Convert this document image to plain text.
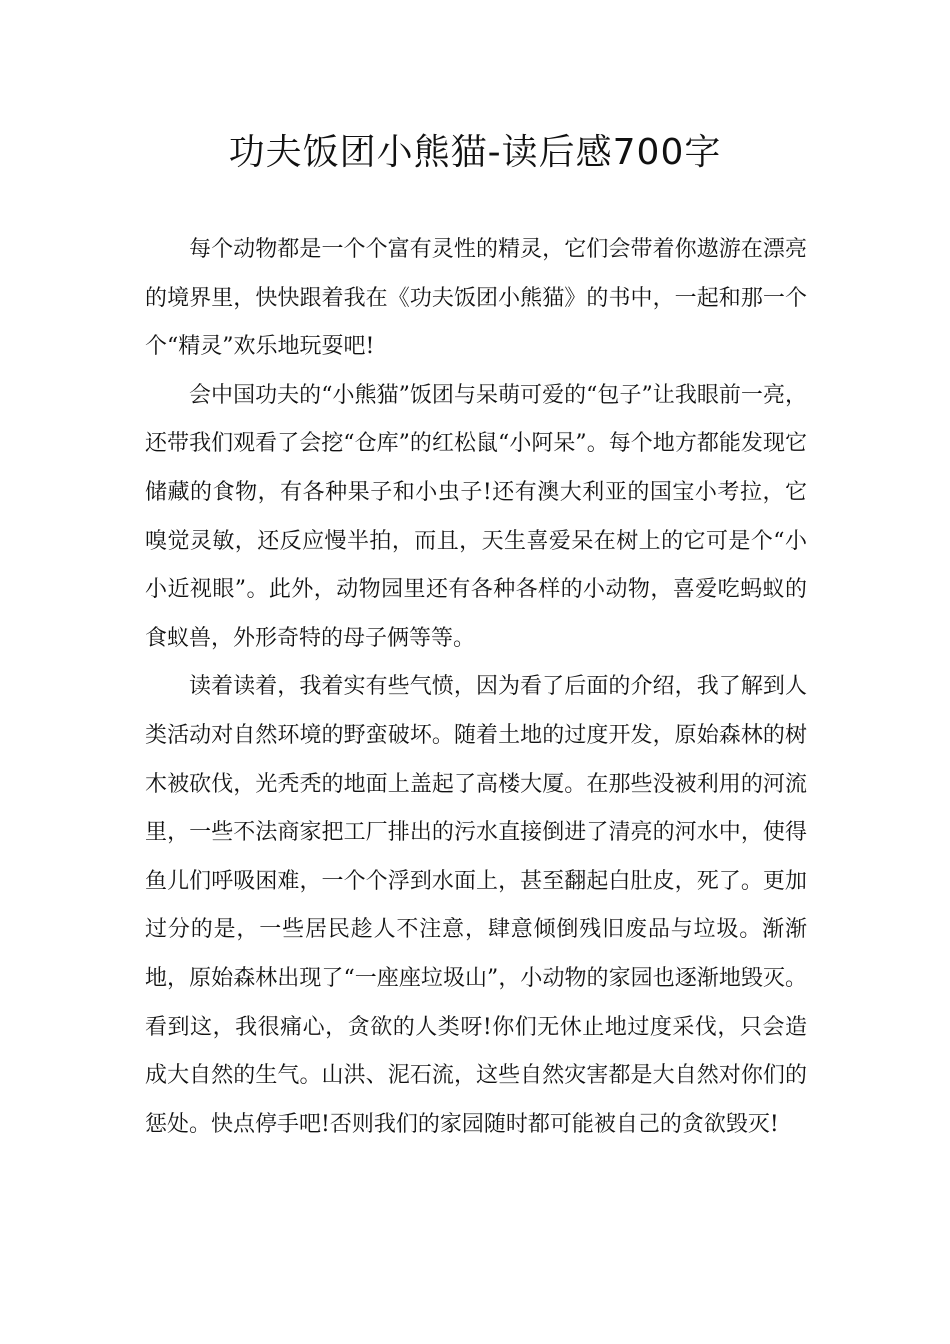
功夫饭团小熊猫-读后感700字

每个动物都是一个个富有灵性的精灵，它们会带着你遨游在漂亮的境界里，快快跟着我在《功夫饭团小熊猫》的书中，一起和那一个个“精灵”欢乐地玩耍吧!

会中国功夫的“小熊猫”饭团与呆萌可爱的“包子”让我眼前一亮，还带我们观看了会挖“仓库”的红松鼠“小阿呆”。每个地方都能发现它储藏的食物，有各种果子和小虫子!还有澳大利亚的国宝小考拉，它嗅觉灵敏，还反应慢半拍，而且，天生喜爱呆在树上的它可是个“小小近视眼”。此外，动物园里还有各种各样的小动物，喜爱吃蚂蚁的食蚁兽，外形奇特的母子俩等等。

读着读着，我着实有些气愤，因为看了后面的介绍，我了解到人类活动对自然环境的野蛮破坏。随着土地的过度开发，原始森林的树木被砍伐，光秃秃的地面上盖起了高楼大厦。在那些没被利用的河流里，一些不法商家把工厂排出的污水直接倒进了清亮的河水中，使得鱼儿们呼吸困难，一个个浮到水面上，甚至翻起白肚皮，死了。更加过分的是，一些居民趁人不注意，肆意倾倒残旧废品与垃圾。渐渐地，原始森林出现了“一座座垃圾山”，小动物的家园也逐渐地毁灭。看到这，我很痛心，贪欲的人类呀!你们无休止地过度采伐，只会造成大自然的生气。山洪、泥石流，这些自然灾害都是大自然对你们的惩处。快点停手吧!否则我们的家园随时都可能被自己的贪欲毁灭!
